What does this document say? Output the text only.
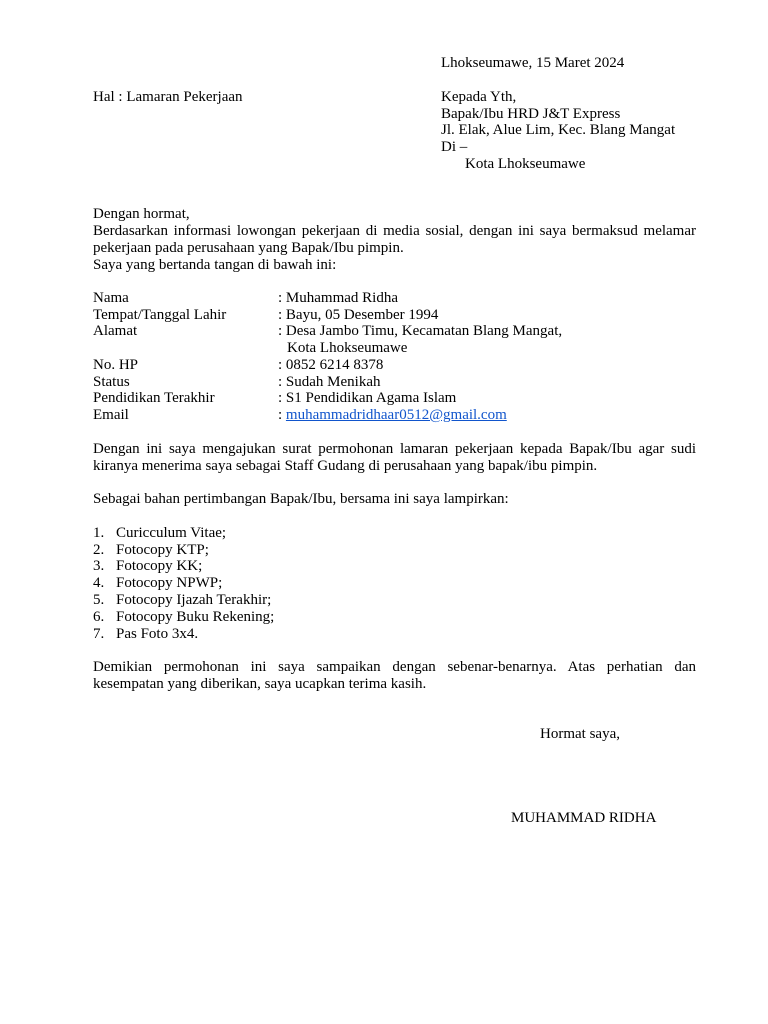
Lhokseumawe, 15 Maret 2024
Hal : Lamaran Pekerjaan	Kepada Yth,
Bapak/Ibu HRD J&T Express
Jl. Elak, Alue Lim, Kec. Blang Mangat
Di –
Kota Lhokseumawe
Dengan hormat,
Berdasarkan informasi lowongan pekerjaan di media sosial, dengan ini saya bermaksud melamar
pekerjaan pada perusahaan yang Bapak/Ibu pimpin.
Saya yang bertanda tangan di bawah ini:
Nama	: Muhammad Ridha
Tempat/Tanggal Lahir	: Bayu, 05 Desember 1994
Alamat	: Desa Jambo Timu, Kecamatan Blang Mangat,
Kota Lhokseumawe
No. HP	: 0852 6214 8378
Status	: Sudah Menikah
Pendidikan Terakhir	: S1 Pendidikan Agama Islam
Email	: muhammadridhaar0512@gmail.com
Dengan ini saya mengajukan surat permohonan lamaran pekerjaan kepada Bapak/Ibu agar sudi
kiranya menerima saya sebagai Staff Gudang di perusahaan yang bapak/ibu pimpin.
Sebagai bahan pertimbangan Bapak/Ibu, bersama ini saya lampirkan:
1. Curicculum Vitae;
2. Fotocopy KTP;
3. Fotocopy KK;
4. Fotocopy NPWP;
5. Fotocopy Ijazah Terakhir;
6. Fotocopy Buku Rekening;
7. Pas Foto 3x4.
Demikian permohonan ini saya sampaikan dengan sebenar-benarnya. Atas perhatian dan
kesempatan yang diberikan, saya ucapkan terima kasih.
Hormat saya,
MUHAMMAD RIDHA
